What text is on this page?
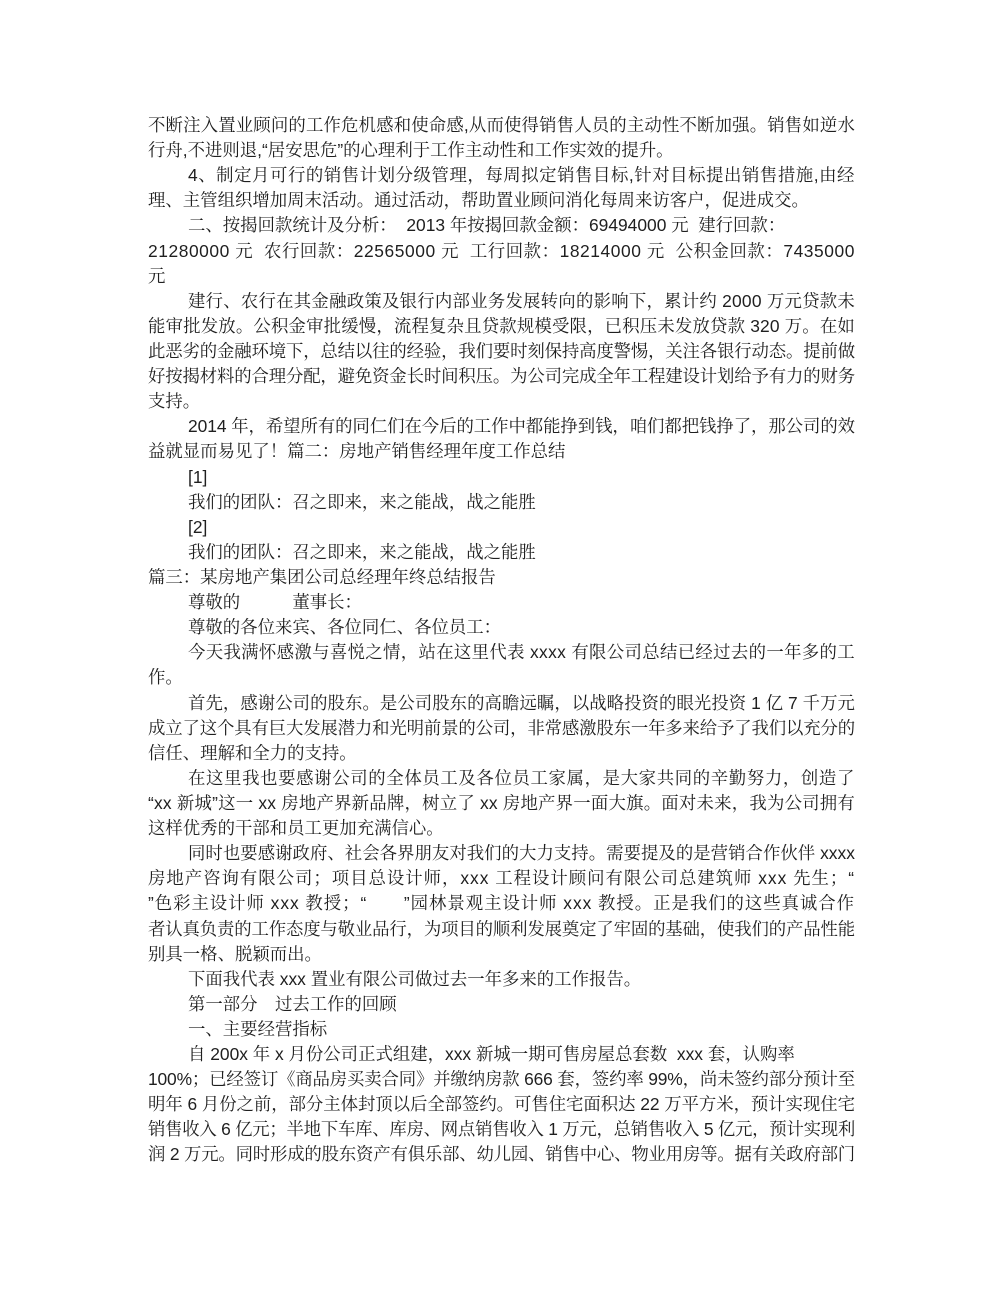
不断注入置业顾问的工作危机感和使命感,从而使得销售人员的主动性不断加强。销售如逆水
行舟,不进则退,“居安思危”的心理利于工作主动性和工作实效的提升。
4、制定月可行的销售计划分级管理，每周拟定销售目标,针对目标提出销售措施,由经
理、主管组织增加周末活动。通过活动，帮助置业顾问消化每周来访客户，促进成交。
二、按揭回款统计及分析：  2013 年按揭回款金额：69494000 元  建行回款：
21280000 元  农行回款：22565000 元  工行回款：18214000 元  公积金回款：7435000
元
建行、农行在其金融政策及银行内部业务发展转向的影响下，累计约 2000 万元贷款未
能审批发放。公积金审批缓慢，流程复杂且贷款规模受限，已积压未发放贷款 320 万。在如
此恶劣的金融环境下，总结以往的经验，我们要时刻保持高度警惕，关注各银行动态。提前做
好按揭材料的合理分配，避免资金长时间积压。为公司完成全年工程建设计划给予有力的财务
支持。
2014 年，希望所有的同仁们在今后的工作中都能挣到钱，咱们都把钱挣了，那公司的效
益就显而易见了！篇二：房地产销售经理年度工作总结
[1]
我们的团队：召之即来，来之能战，战之能胜
[2]
我们的团队：召之即来，来之能战，战之能胜
篇三：某房地产集团公司总经理年终总结报告
尊敬的　　　董事长：
尊敬的各位来宾、各位同仁、各位员工：
今天我满怀感激与喜悦之情，站在这里代表 xxxx 有限公司总结已经过去的一年多的工
作。
首先，感谢公司的股东。是公司股东的高瞻远瞩，以战略投资的眼光投资 1 亿 7 千万元
成立了这个具有巨大发展潜力和光明前景的公司，非常感激股东一年多来给予了我们以充分的
信任、理解和全力的支持。
在这里我也要感谢公司的全体员工及各位员工家属，是大家共同的辛勤努力，创造了
“xx 新城”这一 xx 房地产界新品牌，树立了 xx 房地产界一面大旗。面对未来，我为公司拥有
这样优秀的干部和员工更加充满信心。
同时也要感谢政府、社会各界朋友对我们的大力支持。需要提及的是营销合作伙伴 xxxx
房地产咨询有限公司；项目总设计师，xxx 工程设计顾问有限公司总建筑师 xxx 先生；“
”色彩主设计师 xxx 教授；“　　”园林景观主设计师 xxx 教授。正是我们的这些真诚合作
者认真负责的工作态度与敬业品行，为项目的顺利发展奠定了牢固的基础，使我们的产品性能
别具一格、脱颖而出。
下面我代表 xxx 置业有限公司做过去一年多来的工作报告。
第一部分　过去工作的回顾
一、主要经营指标
自 200x 年 x 月份公司正式组建，xxx 新城一期可售房屋总套数  xxx 套，认购率
100%；已经签订《商品房买卖合同》并缴纳房款 666 套，签约率 99%，尚未签约部分预计至
明年 6 月份之前，部分主体封顶以后全部签约。可售住宅面积达 22 万平方米，预计实现住宅
销售收入 6 亿元；半地下车库、库房、网点销售收入 1 万元，总销售收入 5 亿元，预计实现利
润 2 万元。同时形成的股东资产有俱乐部、幼儿园、销售中心、物业用房等。据有关政府部门
